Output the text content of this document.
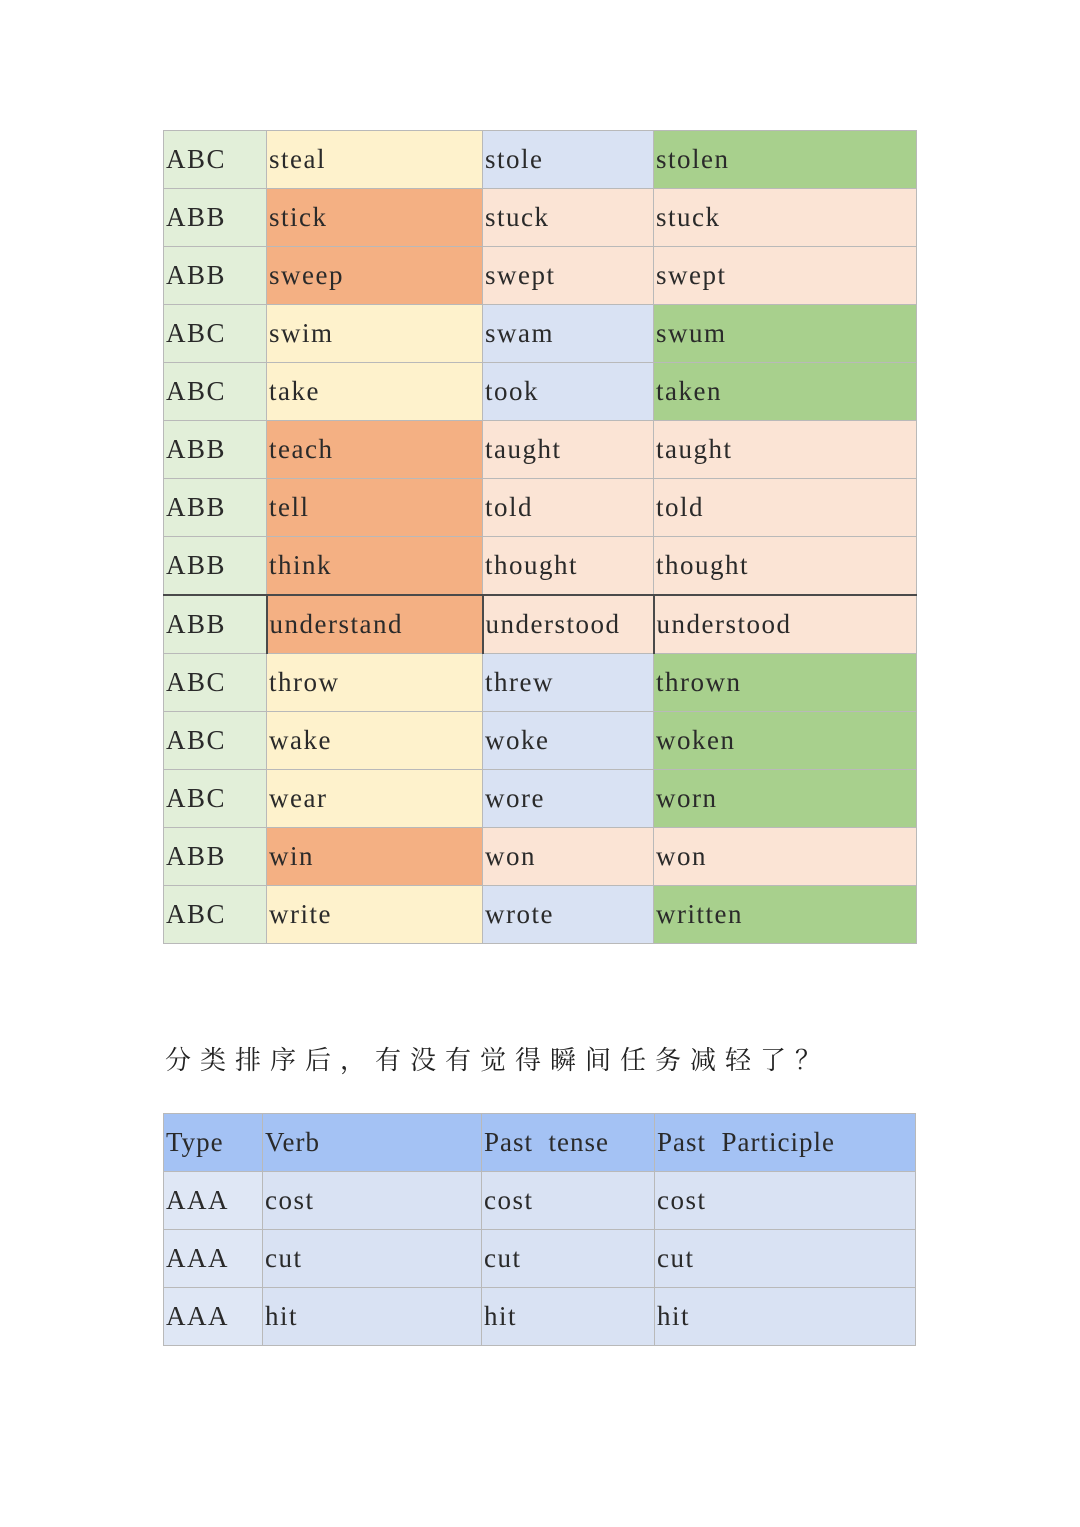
ABC	steal	stole	stolen
ABB	stick	stuck	stuck
ABB	sweep	swept	swept
ABC	swim	swam	swum
ABC	take	took	taken
ABB	teach	taught	taught
ABB	tell	told	told
ABB	think	thought	thought
ABB	understand	understood	understood
ABC	throw	threw	thrown
ABC	wake	woke	woken
ABC	wear	wore	worn
ABB	win	won	won
ABC	write	wrote	written

分类排序后，有没有觉得瞬间任务减轻了？

Type	Verb	Past  tense	Past  Participle
AAA	cost	cost	cost
AAA	cut	cut	cut
AAA	hit	hit	hit
